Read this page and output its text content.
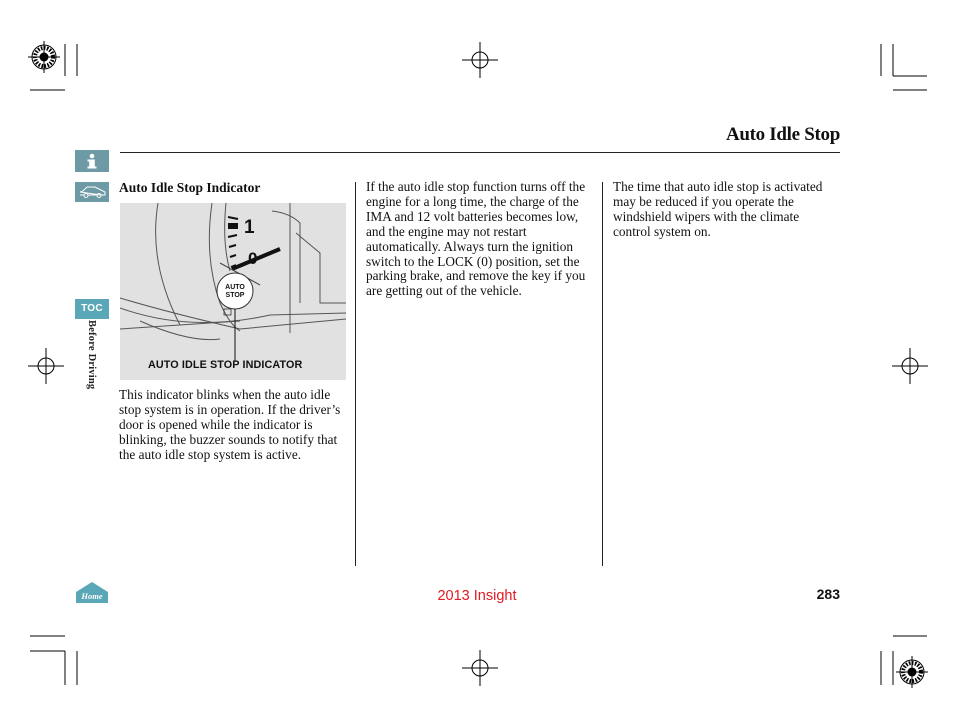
Auto Idle Stop
TOC
Before Driving
Auto Idle Stop Indicator
1
0
AUTO
STOP
AUTO IDLE STOP INDICATOR
This indicator blinks when the auto idle stop system is in operation. If the driver’s door is opened while the indicator is blinking, the buzzer sounds to notify that the auto idle stop system is active.
If the auto idle stop function turns off the engine for a long time, the charge of the IMA and 12 volt batteries becomes low, and the engine may not restart automatically. Always turn the ignition switch to the LOCK (0) position, set the parking brake, and remove the key if you are getting out of the vehicle.
The time that auto idle stop is activated may be reduced if you operate the windshield wipers with the climate control system on.
Home	2013 Insight	283
